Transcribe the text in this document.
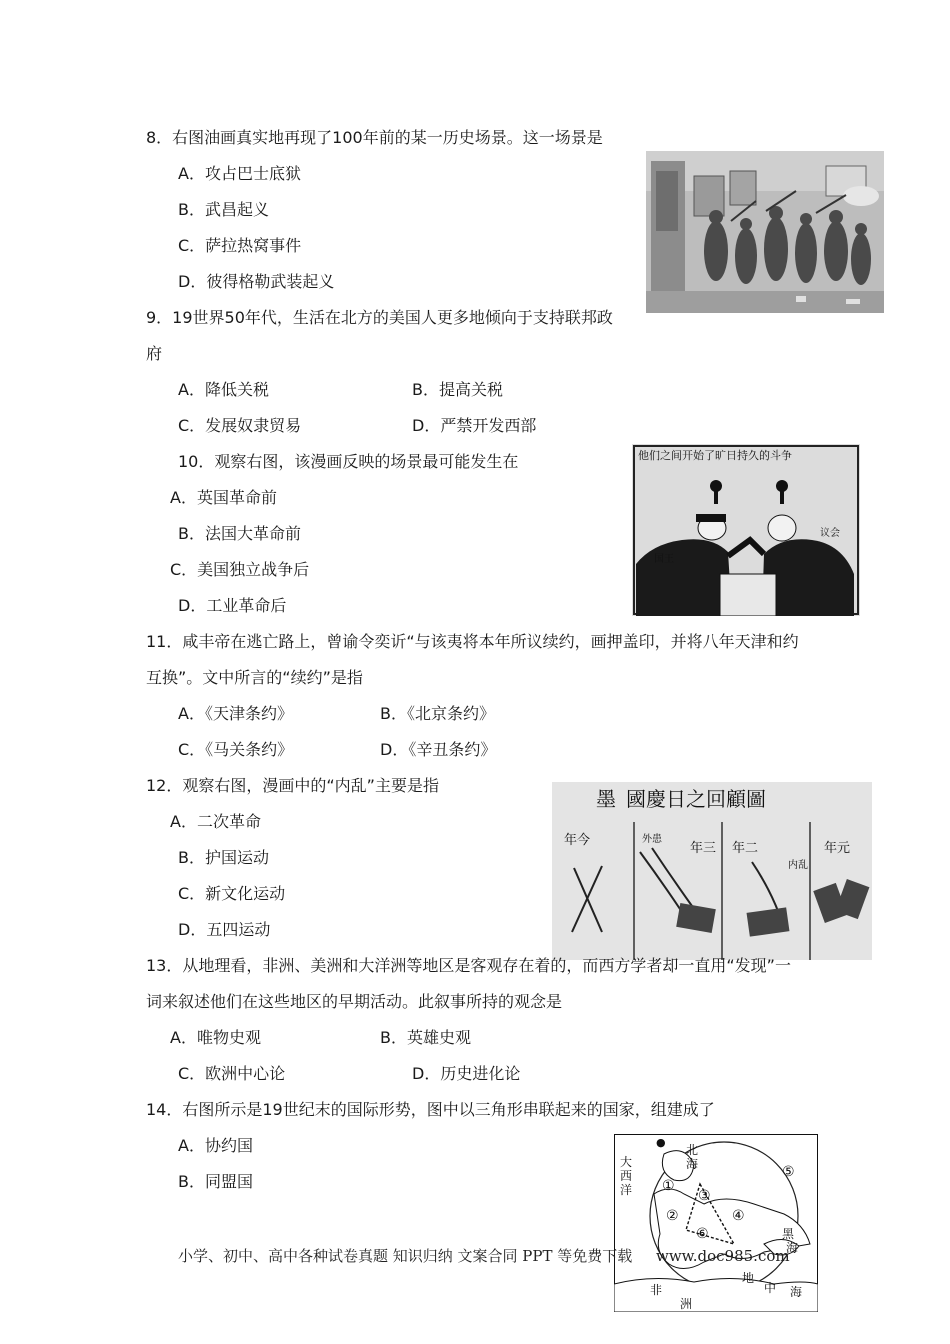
8．右图油画真实地再现了100年前的某一历史场景。这一场景是
A．攻占巴士底狱
B．武昌起义
C．萨拉热窝事件
D．彼得格勒武装起义
9．19世界50年代，生活在北方的美国人更多地倾向于支持联邦政
府
A．降低关税	B．提高关税
C．发展奴隶贸易	D．严禁开发西部
10．观察右图，该漫画反映的场景最可能发生在
A．英国革命前
B．法国大革命前
C．美国独立战争后
D．工业革命后
他们之间开始了旷日持久的斗争
国王
议会
11．咸丰帝在逃亡路上，曾谕令奕䜣“与该夷将本年所议续约，画押盖印，并将八年天津和约
互换”。文中所言的“续约”是指
A．《天津条约》	B．《北京条约》
C．《马关条约》	D．《辛丑条约》
12．观察右图，漫画中的“内乱”主要是指
A．二次革命
B．护国运动
C．新文化运动
D．五四运动
墨 國慶日之回顧圖
年今
年三 年二	年元
外患
内乱
13．从地理看，非洲、美洲和大洋洲等地区是客观存在着的，而西方学者却一直用“发现”一
词来叙述他们在这些地区的早期活动。此叙事所持的观念是
A．唯物史观	B．英雄史观
C．欧洲中心论	D．历史进化论
14．右图所示是19世纪末的国际形势，图中以三角形串联起来的国家，组建成了
A．协约国
B．同盟国
●
北
海
大
西
洋
黑
海
地
中 海
非
洲
①
②
③
④
⑤
⑥
小学、初中、高中各种试卷真题 知识归纳 文案合同 PPT 等免费下载 www.doc985.com
